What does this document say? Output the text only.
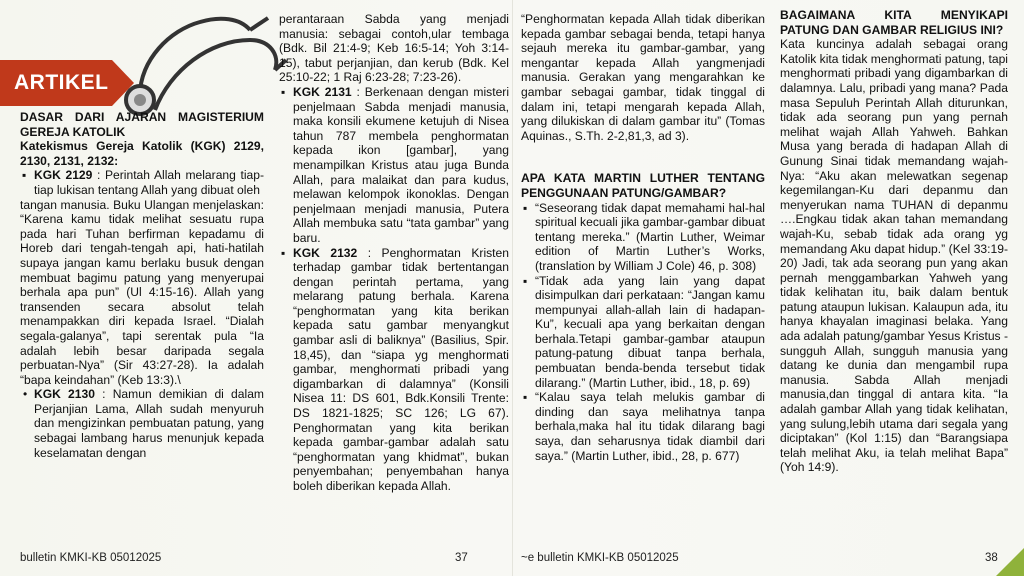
ARTIKEL

DASAR DARI AJARAN MAGISTERIUM GEREJA KATOLIK

Katekismus Gereja Katolik (KGK) 2129, 2130, 2131, 2132:

▪ KGK 2129 : Perintah Allah melarang tiap-tiap lukisan tentang Allah yang dibuat oleh

tangan manusia. Buku Ulangan menjelaskan: “Karena kamu tidak melihat sesuatu rupa pada hari Tuhan berfirman kepadamu di Horeb dari tengah-tengah api, hati-hatilah supaya jangan kamu berlaku busuk dengan membuat bagimu patung yang menyerupai berhala apa pun” (Ul 4:15-16). Allah yang transenden secara absolut telah menampakkan diri kepada Israel. “Dialah segala-galanya”, tapi serentak pula “Ia adalah lebih besar daripada segala perbuatan-Nya” (Sir 43:27-28). Ia adalah “bapa keindahan” (Keb 13:3).\

• KGK 2130 : Namun demikian di dalam Perjanjian Lama, Allah sudah menyuruh dan mengizinkan pembuatan patung, yang sebagai lambang harus menunjuk kepada keselamatan dengan

perantaraan Sabda yang menjadi manusia: sebagai contoh,ular tembaga (Bdk. Bil 21:4-9; Keb 16:5-14; Yoh 3:14-15), tabut perjanjian, dan kerub (Bdk. Kel 25:10-22; 1 Raj 6:23-28; 7:23-26).

▪ KGK 2131 : Berkenaan dengan misteri penjelmaan Sabda menjadi manusia, maka konsili ekumene ketujuh di Nisea tahun 787 membela penghormatan kepada ikon [gambar], yang menampilkan Kristus atau juga Bunda Allah, para malaikat dan para kudus, melawan kelompok ikonoklas. Dengan penjelmaan menjadi manusia, Putera Allah membuka satu “tata gambar” yang baru.
▪ KGK 2132 : Penghormatan Kristen terhadap gambar tidak bertentangan dengan perintah pertama, yang melarang patung berhala. Karena “penghormatan yang kita berikan kepada satu gambar menyangkut gambar asli di baliknya” (Basilius, Spir. 18,45), dan “siapa yg menghormati gambar, menghormati pribadi yang digambarkan di dalamnya” (Konsili Nisea 11: DS 601, Bdk.Konsili Trente: DS 1821-1825; SC 126; LG 67). Penghormatan yang kita berikan kepada gambar-gambar adalah satu “penghormatan yang khidmat”, bukan penyembahan; penyembahan hanya boleh diberikan kepada Allah.

“Penghormatan kepada Allah tidak diberikan kepada gambar sebagai benda, tetapi hanya sejauh mereka itu gambar-gambar, yang mengantar kepada Allah yangmenjadi manusia. Gerakan yang mengarahkan ke gambar sebagai gambar, tidak tinggal di dalam ini, tetapi mengarah kepada Allah, yang dilukiskan di dalam gambar itu” (Tomas Aquinas., S.Th. 2-2,81,3, ad 3).

APA KATA MARTIN LUTHER TENTANG PENGGUNAAN PATUNG/GAMBAR?

▪ “Seseorang tidak dapat memahami hal-hal spiritual kecuali jika gambar-gambar dibuat tentang mereka.” (Martin Luther, Weimar edition of Martin Luther’s Works, (translation by William J Cole) 46, p. 308)
▪ “Tidak ada yang lain yang dapat disimpulkan dari perkataan: “Jangan kamu mempunyai allah-allah lain di hadapan-Ku”, kecuali apa yang berkaitan dengan berhala.Tetapi gambar-gambar ataupun patung-patung dibuat tanpa berhala, pembuatan benda-benda tersebut tidak dilarang.” (Martin Luther, ibid., 18, p. 69)
▪ “Kalau saya telah melukis gambar di dinding dan saya melihatnya tanpa berhala,maka hal itu tidak dilarang bagi saya, dan seharusnya tidak diambil dari saya.” (Martin Luther, ibid., 28, p. 677)

BAGAIMANA KITA MENYIKAPI PATUNG DAN GAMBAR RELIGIUS INI?

Kata kuncinya adalah sebagai orang Katolik kita tidak menghormati patung, tapi menghormati pribadi yang digambarkan di dalamnya. Lalu, pribadi yang mana? Pada masa Sepuluh Perintah Allah diturunkan, tidak ada seorang pun yang pernah melihat wajah Allah Yahweh. Bahkan Musa yang berada di hadapan Allah di Gunung Sinai tidak memandang wajah-Nya: “Aku akan melewatkan segenap kegemilangan-Ku dari depanmu dan menyerukan nama TUHAN di depanmu ….Engkau tidak akan tahan memandang wajah-Ku, sebab tidak ada orang yg memandang Aku dapat hidup.” (Kel 33:19-20) Jadi, tak ada seorang pun yang akan pernah menggambarkan Yahweh yang tidak kelihatan itu, baik dalam bentuk patung ataupun lukisan. Kalaupun ada, itu hanya khayalan imaginasi belaka. Yang ada adalah patung/gambar Yesus Kristus - sungguh Allah, sungguh manusia yang datang ke dunia dan mengambil rupa manusia. Sabda Allah menjadi manusia,dan tinggal di antara kita. “Ia adalah gambar Allah yang tidak kelihatan, yang sulung,lebih utama dari segala yang diciptakan” (Kol 1:15) dan “Barangsiapa telah melihat Aku, ia telah melihat Bapa” (Yoh 14:9).

bulletin KMKI-KB 05012025	37	~e bulletin KMKI-KB 05012025	38
